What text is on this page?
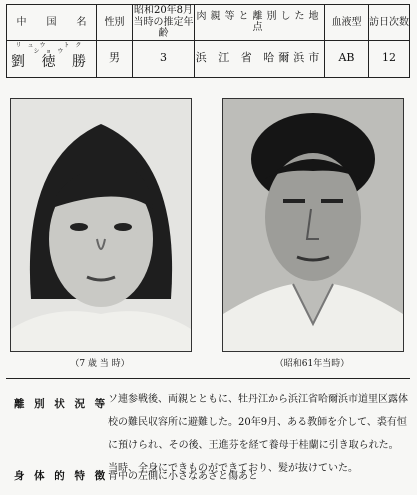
中　　国　　名	性別	昭和20年8月当時の推定年齢	肉親等と離別した地点	血液型	訪日次数

リュウ　トク　ショウ
劉 徳 勝	男	3	浜 江 省 哈爾浜市	AB	12
（7 歳 当 時）	（昭和61年当時）
離 別 状 況 等 ソ連参戦後、両親とともに、牡丹江から浜江省哈爾浜市道里区露体校の難民収容所に避難した。20年9月、ある教師を介して、裘有恒に預けられ、その後、王進芬を経て養母于桂蘭に引き取られた。当時、全身にできものができており、髪が抜けていた。
身 体 的 特 徴 背中の左側に小さなあざと傷あと
